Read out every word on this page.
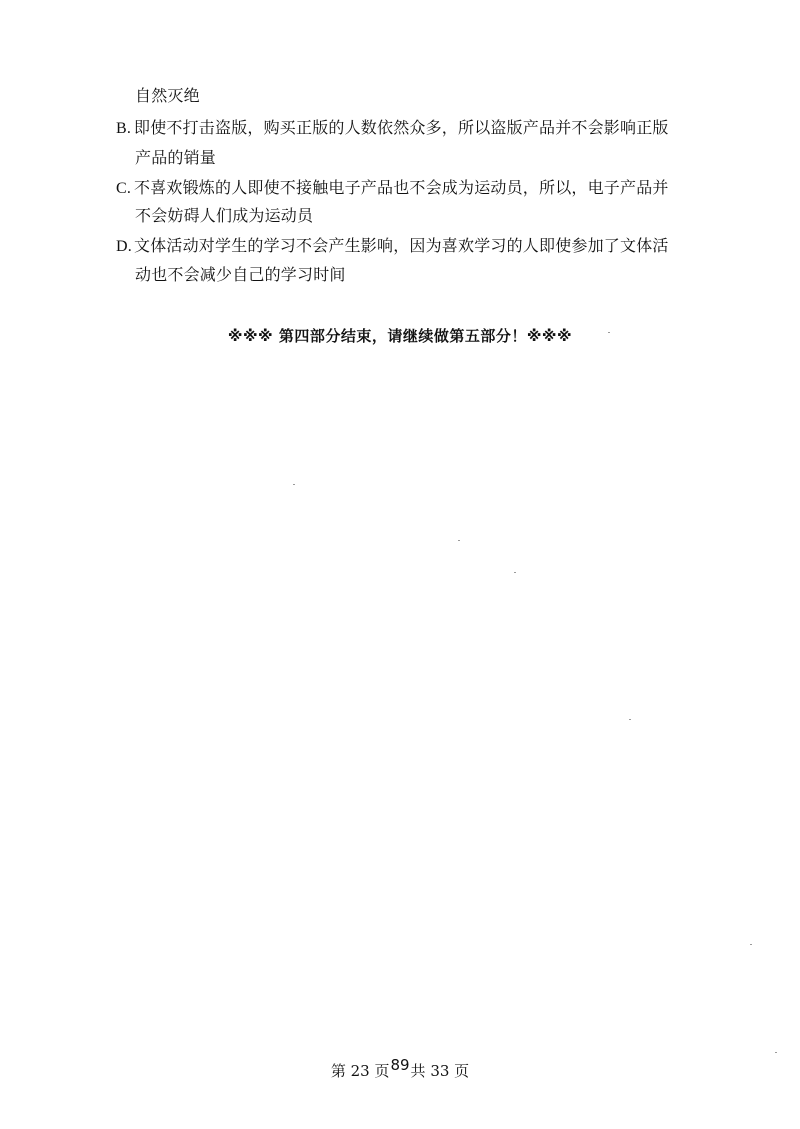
自然灭绝
B. 即使不打击盗版，购买正版的人数依然众多，所以盗版产品并不会影响正版
产品的销量
C. 不喜欢锻炼的人即使不接触电子产品也不会成为运动员，所以，电子产品并
不会妨碍人们成为运动员
D. 文体活动对学生的学习不会产生影响，因为喜欢学习的人即使参加了文体活
动也不会减少自己的学习时间
※※※ 第四部分结束，请继续做第五部分！※※※
第 23 页89共 33 页
